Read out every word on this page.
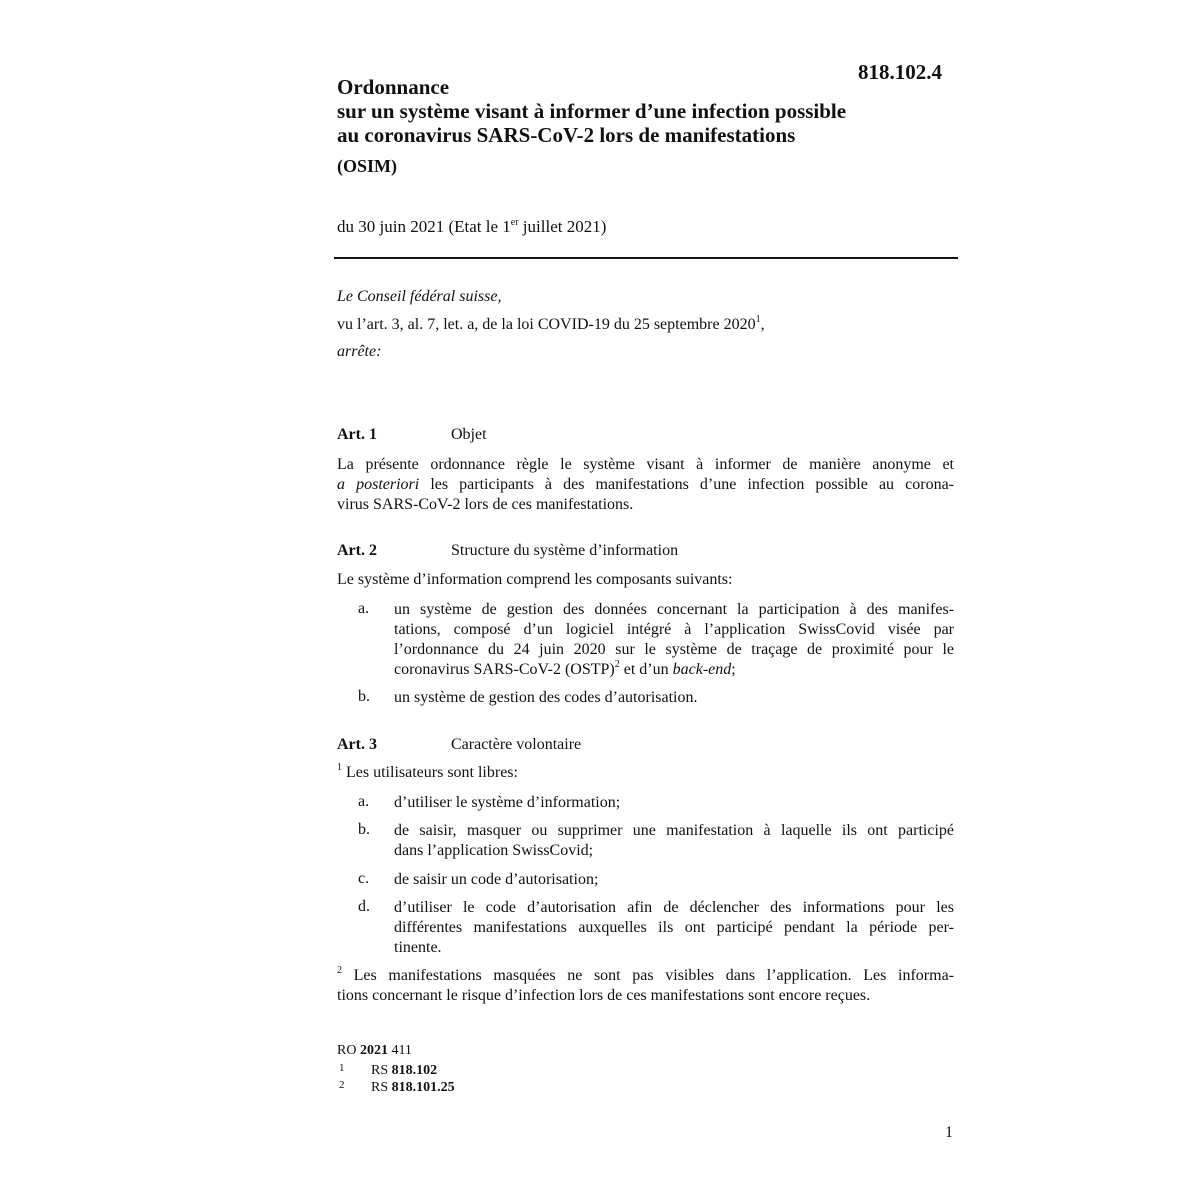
818.102.4
Ordonnance
sur un système visant à informer d’une infection possible
au coronavirus SARS-CoV-2 lors de manifestations
(OSIM)
du 30 juin 2021 (Etat le 1er juillet 2021)
Le Conseil fédéral suisse,
vu l’art. 3, al. 7, let. a, de la loi COVID-19 du 25 septembre 2020$^1$,
arrête:
Art. 1	Objet
La présente ordonnance règle le système visant à informer de manière anonyme et
a posteriori les participants à des manifestations d’une infection possible au corona-
virus SARS-CoV-2 lors de ces manifestations.
Art. 2	Structure du système d’information
Le système d’information comprend les composants suivants:
a. un système de gestion des données concernant la participation à des manifes-
tations, composé d’un logiciel intégré à l’application SwissCovid visée par
l’ordonnance du 24 juin 2020 sur le système de traçage de proximité pour le
coronavirus SARS-CoV-2 (OSTP)$^2$ et d’un back-end;
b. un système de gestion des codes d’autorisation.
Art. 3	Caractère volontaire
$^1$ Les utilisateurs sont libres:
a. d’utiliser le système d’information;
b. de saisir, masquer ou supprimer une manifestation à laquelle ils ont participé
dans l’application SwissCovid;
c. de saisir un code d’autorisation;
d. d’utiliser le code d’autorisation afin de déclencher des informations pour les
différentes manifestations auxquelles ils ont participé pendant la période per-
tinente.
$^2$ Les manifestations masquées ne sont pas visibles dans l’application. Les informa-
tions concernant le risque d’infection lors de ces manifestations sont encore reçues.
RO 2021 411
1 RS 818.102
2 RS 818.101.25
1
